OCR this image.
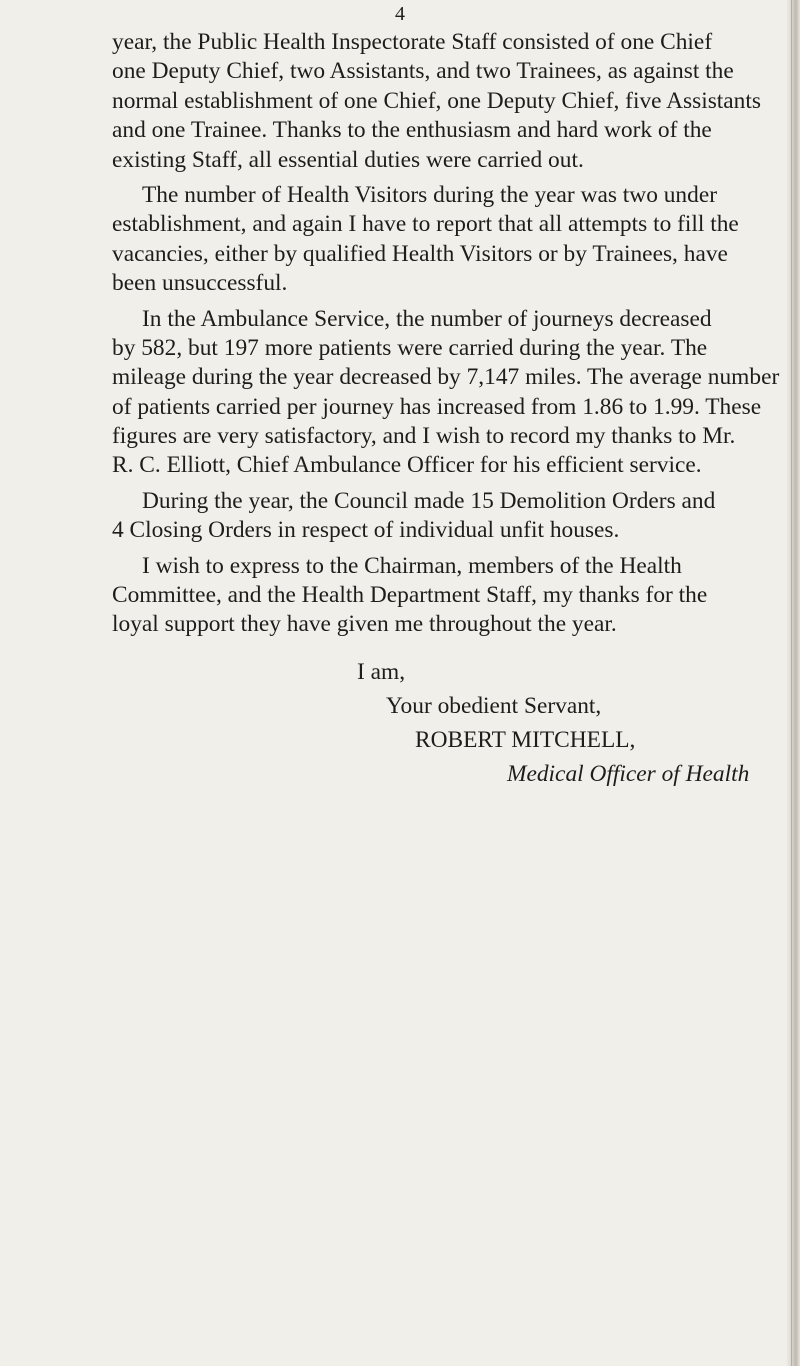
4
year, the Public Health Inspectorate Staff consisted of one Chief
one Deputy Chief, two Assistants, and two Trainees, as against the
normal establishment of one Chief, one Deputy Chief, five Assistants
and one Trainee. Thanks to the enthusiasm and hard work of the
existing Staff, all essential duties were carried out.
The number of Health Visitors during the year was two under
establishment, and again I have to report that all attempts to fill the
vacancies, either by qualified Health Visitors or by Trainees, have
been unsuccessful.
In the Ambulance Service, the number of journeys decreased
by 582, but 197 more patients were carried during the year. The
mileage during the year decreased by 7,147 miles. The average number
of patients carried per journey has increased from 1.86 to 1.99. These
figures are very satisfactory, and I wish to record my thanks to Mr.
R. C. Elliott, Chief Ambulance Officer for his efficient service.
During the year, the Council made 15 Demolition Orders and
4 Closing Orders in respect of individual unfit houses.
I wish to express to the Chairman, members of the Health
Committee, and the Health Department Staff, my thanks for the
loyal support they have given me throughout the year.
I am,
Your obedient Servant,
ROBERT MITCHELL,
Medical Officer of Health
